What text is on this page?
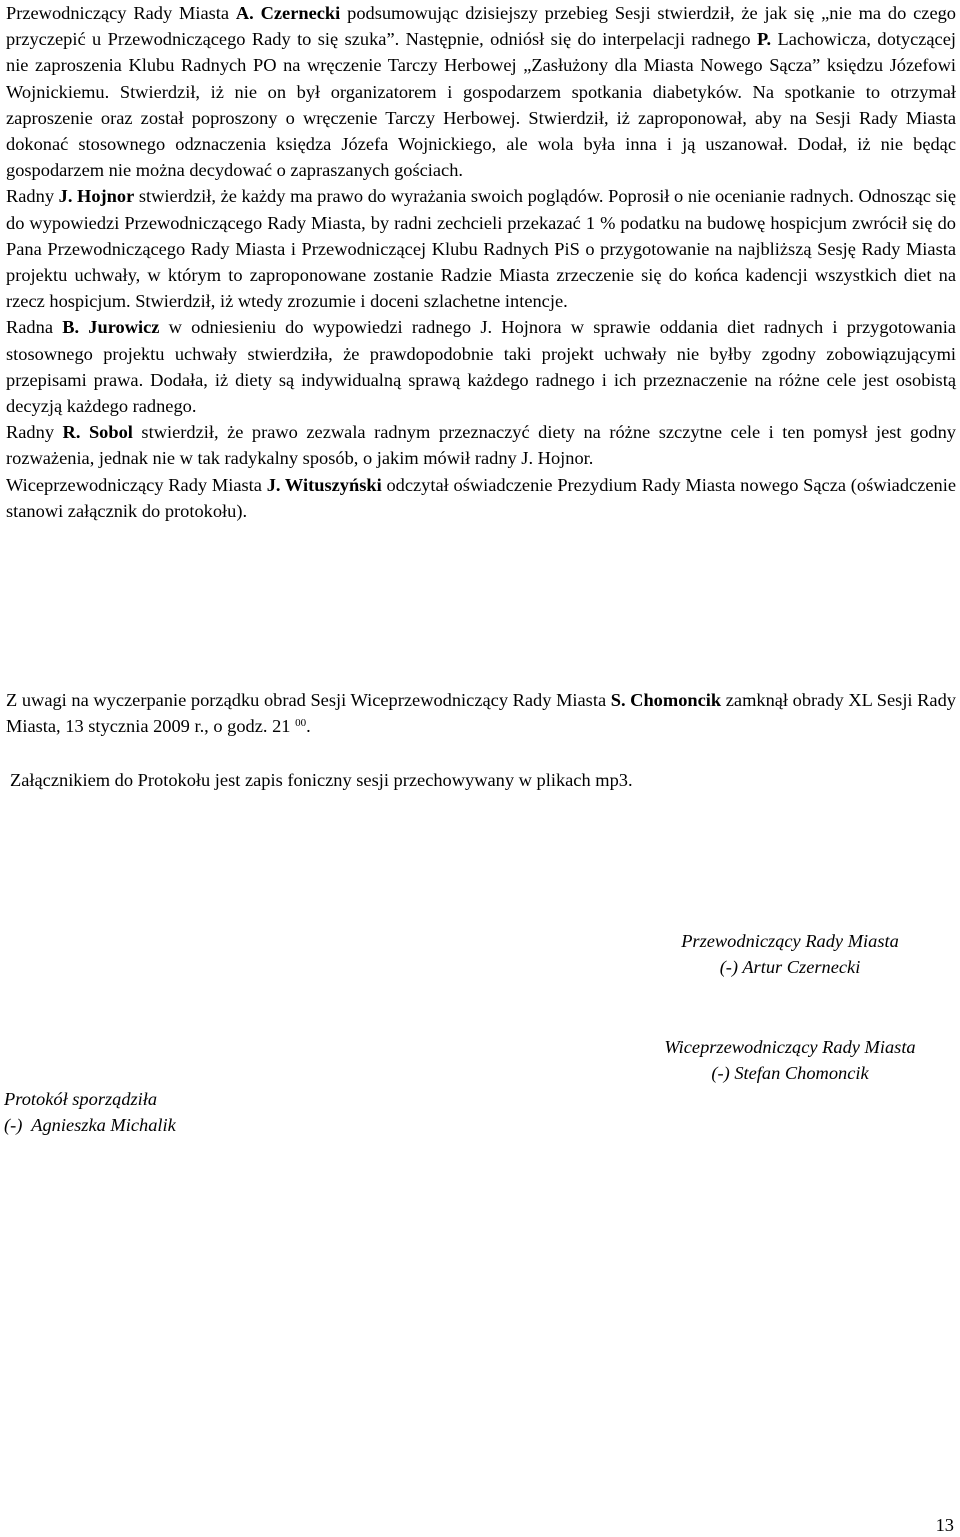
Przewodniczący Rady Miasta A. Czernecki podsumowując dzisiejszy przebieg Sesji stwierdził, że jak się „nie ma do czego przyczepić u Przewodniczącego Rady to się szuka”. Następnie, odniósł się do interpelacji radnego P. Lachowicza, dotyczącej nie zaproszenia Klubu Radnych PO na wręczenie Tarczy Herbowej „Zasłużony dla Miasta Nowego Sącza” księdzu Józefowi Wojnickiemu. Stwierdził, iż nie on był organizatorem i gospodarzem spotkania diabetyków. Na spotkanie to otrzymał zaproszenie oraz został poproszony o wręczenie Tarczy Herbowej. Stwierdził, iż zaproponował, aby na Sesji Rady Miasta dokonać stosownego odznaczenia księdza Józefa Wojnickiego, ale wola była inna i ją uszanował. Dodał, iż nie będąc gospodarzem nie można decydować o zapraszanych gościach.

Radny J. Hojnor stwierdził, że każdy ma prawo do wyrażania swoich poglądów. Poprosił o nie ocenianie radnych. Odnosząc się do wypowiedzi Przewodniczącego Rady Miasta, by radni zechcieli przekazać 1 % podatku na budowę hospicjum zwrócił się do Pana Przewodniczącego Rady Miasta i Przewodniczącej Klubu Radnych PiS o przygotowanie na najbliższą Sesję Rady Miasta projektu uchwały, w którym to zaproponowane zostanie Radzie Miasta zrzeczenie się do końca kadencji wszystkich diet na rzecz hospicjum. Stwierdził, iż wtedy zrozumie i doceni szlachetne intencje.

Radna B. Jurowicz w odniesieniu do wypowiedzi radnego J. Hojnora w sprawie oddania diet radnych i przygotowania stosownego projektu uchwały stwierdziła, że prawdopodobnie taki projekt uchwały nie byłby zgodny zobowiązującymi przepisami prawa. Dodała, iż diety są indywidualną sprawą każdego radnego i ich przeznaczenie na różne cele jest osobistą decyzją każdego radnego.

Radny R. Sobol stwierdził, że prawo zezwala radnym przeznaczyć diety na różne szczytne cele i ten pomysł jest godny rozważenia, jednak nie w tak radykalny sposób, o jakim mówił radny J. Hojnor.

Wiceprzewodniczący Rady Miasta J. Wituszyński odczytał oświadczenie Prezydium Rady Miasta nowego Sącza (oświadczenie stanowi załącznik do protokołu).

Z uwagi na wyczerpanie porządku obrad Sesji Wiceprzewodniczący Rady Miasta S. Chomoncik zamknął obrady XL Sesji Rady Miasta, 13 stycznia 2009 r., o godz. 21 $^{00}$.

Załącznikiem do Protokołu jest zapis foniczny sesji przechowywany w plikach mp3.
Przewodniczący Rady Miasta
(-) Artur Czernecki
Wiceprzewodniczący Rady Miasta
(-) Stefan Chomoncik
Protokół sporządziła
(-)  Agnieszka Michalik
13
